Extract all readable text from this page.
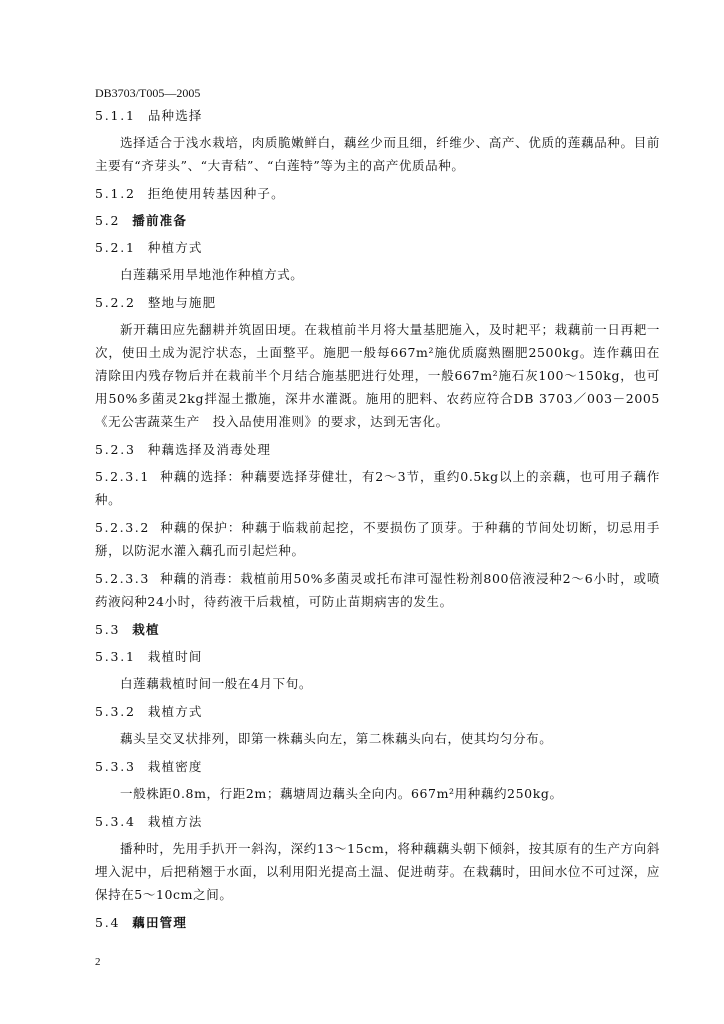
DB3703/T005—2005
5.1.1 品种选择
选择适合于浅水栽培，肉质脆嫩鲜白，藕丝少而且细，纤维少、高产、优质的莲藕品种。目前主要有“齐芽头”、“大青秸”、“白莲特”等为主的高产优质品种。
5.1.2 拒绝使用转基因种子。
5.2 播前准备
5.2.1 种植方式
白莲藕采用旱地池作种植方式。
5.2.2 整地与施肥
新开藕田应先翻耕并筑固田埂。在栽植前半月将大量基肥施入，及时耙平；栽藕前一日再耙一次，使田土成为泥泞状态，土面整平。施肥一般每667m²施优质腐熟圈肥2500kg。连作藕田在清除田内残存物后并在栽前半个月结合施基肥进行处理，一般667m²施石灰100～150kg，也可用50%多菌灵2kg拌湿土撒施，深井水灌溉。施用的肥料、农药应符合DB 3703／003－2005《无公害蔬菜生产　投入品使用准则》的要求，达到无害化。
5.2.3 种藕选择及消毒处理
5.2.3.1 种藕的选择：种藕要选择芽健壮，有2～3节，重约0.5kg以上的亲藕，也可用子藕作种。
5.2.3.2 种藕的保护：种藕于临栽前起挖，不要损伤了顶芽。于种藕的节间处切断，切忌用手掰，以防泥水灌入藕孔而引起烂种。
5.2.3.3 种藕的消毒：栽植前用50%多菌灵或托布津可湿性粉剂800倍液浸种2～6小时，或喷药液闷种24小时，待药液干后栽植，可防止苗期病害的发生。
5.3 栽植
5.3.1 栽植时间
白莲藕栽植时间一般在4月下旬。
5.3.2 栽植方式
藕头呈交叉状排列，即第一株藕头向左，第二株藕头向右，使其均匀分布。
5.3.3 栽植密度
一般株距0.8m，行距2m；藕塘周边藕头全向内。667m²用种藕约250kg。
5.3.4 栽植方法
播种时，先用手扒开一斜沟，深约13～15cm，将种藕藕头朝下倾斜，按其原有的生产方向斜埋入泥中，后把稍翘于水面，以利用阳光提高土温、促进萌芽。在栽藕时，田间水位不可过深，应保持在5～10cm之间。
5.4 藕田管理
2
